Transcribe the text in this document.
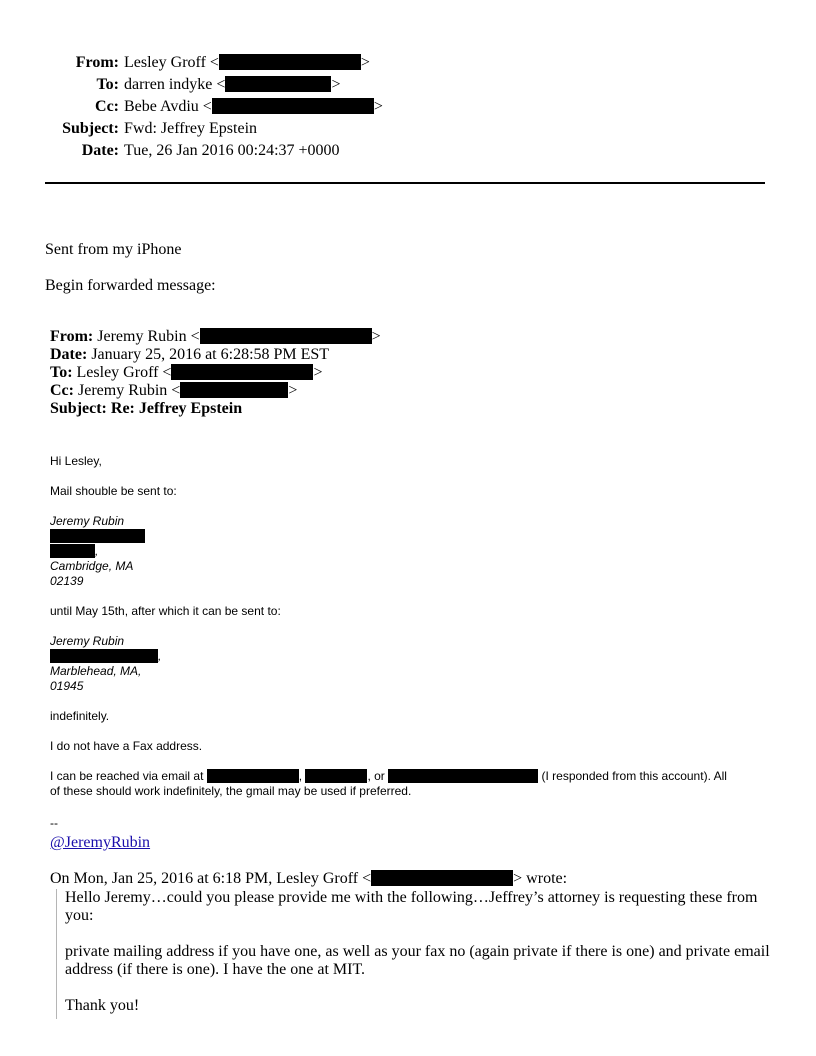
From: Lesley Groff <	>
To: darren indyke <	>
Cc: Bebe Avdiu <	>
Subject: Fwd: Jeffrey Epstein
Date: Tue, 26 Jan 2016 00:24:37 +0000
Sent from my iPhone
Begin forwarded message:
From: Jeremy Rubin <	>
Date: January 25, 2016 at 6:28:58 PM EST
To: Lesley Groff <	>
Cc: Jeremy Rubin <	>
Subject: Re: Jeffrey Epstein
Hi Lesley,
Mail shouble be sent to:
Jeremy Rubin
,
Cambridge, MA
02139
until May 15th, after which it can be sent to:
Jeremy Rubin
,
Marblehead, MA,
01945
indefinitely.
I do not have a Fax address.
I can be reached via email at	,	, or	(I responded from this account). All
of these should work indefinitely, the gmail may be used if preferred.
--
@JeremyRubin
On Mon, Jan 25, 2016 at 6:18 PM, Lesley Groff <	> wrote:

Hello Jeremy…could you please provide me with the following…Jeffrey’s attorney is requesting these from you:

private mailing address if you have one, as well as your fax no (again private if there is one) and private email address (if there is one). I have the one at MIT.

Thank you!
